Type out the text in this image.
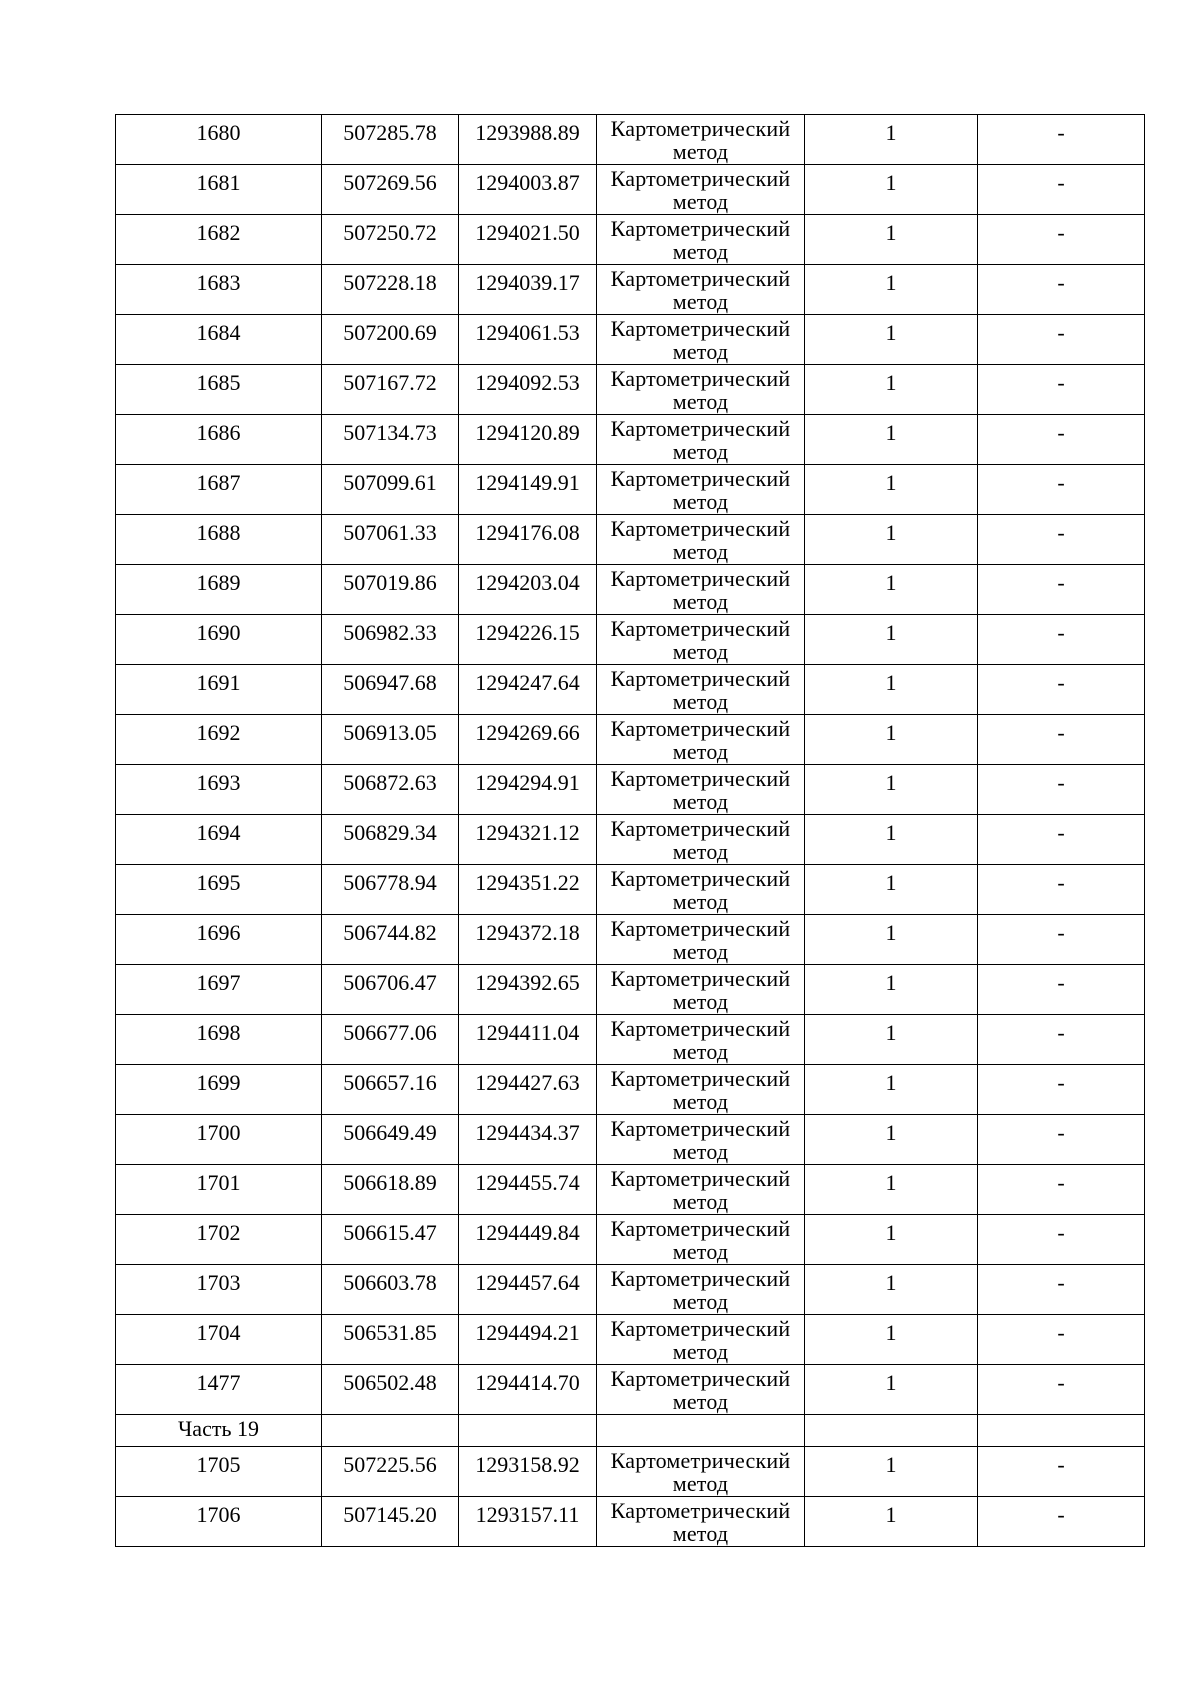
1680	507285.78	1293988.89	Картометрический метод	1	-

1681	507269.56	1294003.87	Картометрический метод	1	-

1682	507250.72	1294021.50	Картометрический метод	1	-

1683	507228.18	1294039.17	Картометрический метод	1	-

1684	507200.69	1294061.53	Картометрический метод	1	-

1685	507167.72	1294092.53	Картометрический метод	1	-

1686	507134.73	1294120.89	Картометрический метод	1	-

1687	507099.61	1294149.91	Картометрический метод	1	-

1688	507061.33	1294176.08	Картометрический метод	1	-

1689	507019.86	1294203.04	Картометрический метод	1	-

1690	506982.33	1294226.15	Картометрический метод	1	-

1691	506947.68	1294247.64	Картометрический метод	1	-

1692	506913.05	1294269.66	Картометрический метод	1	-

1693	506872.63	1294294.91	Картометрический метод	1	-

1694	506829.34	1294321.12	Картометрический метод	1	-

1695	506778.94	1294351.22	Картометрический метод	1	-

1696	506744.82	1294372.18	Картометрический метод	1	-

1697	506706.47	1294392.65	Картометрический метод	1	-

1698	506677.06	1294411.04	Картометрический метод	1	-

1699	506657.16	1294427.63	Картометрический метод	1	-

1700	506649.49	1294434.37	Картометрический метод	1	-

1701	506618.89	1294455.74	Картометрический метод	1	-

1702	506615.47	1294449.84	Картометрический метод	1	-

1703	506603.78	1294457.64	Картометрический метод	1	-

1704	506531.85	1294494.21	Картометрический метод	1	-

1477	506502.48	1294414.70	Картометрический метод	1	-

Часть 19					

1705	507225.56	1293158.92	Картометрический метод	1	-

1706	507145.20	1293157.11	Картометрический метод	1	-
